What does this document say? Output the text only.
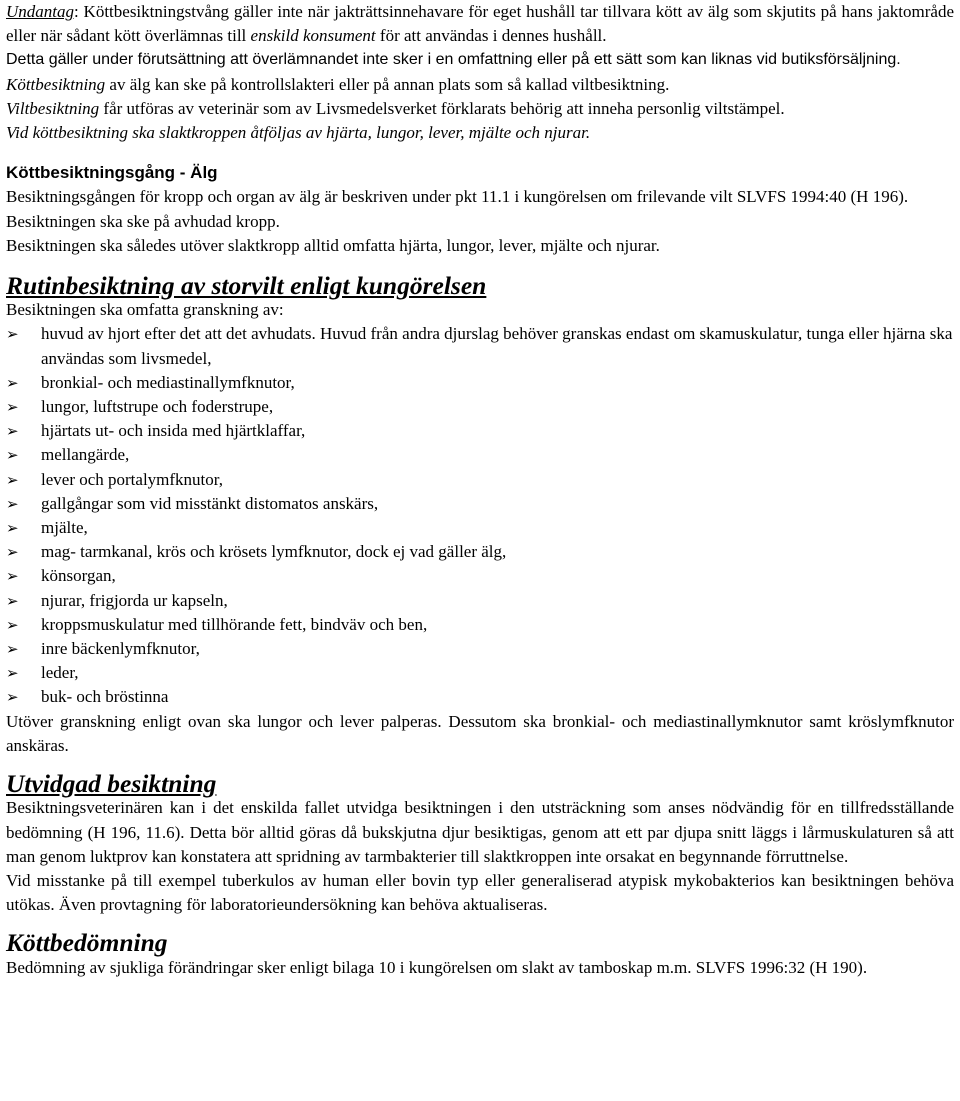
Undantag: Köttbesiktningstvång gäller inte när jakträttsinnehavare för eget hushåll tar tillvara kött av älg som skjutits på hans jaktområde eller när sådant kött överlämnas till enskild konsument för att användas i dennes hushåll.

Detta gäller under förutsättning att överlämnandet inte sker i en omfattning eller på ett sätt som kan liknas vid butiksförsäljning.

Köttbesiktning av älg kan ske på kontrollslakteri eller på annan plats som så kallad viltbesiktning.

Viltbesiktning får utföras av veterinär som av Livsmedelsverket förklarats behörig att inneha personlig viltstämpel.

Vid köttbesiktning ska slaktkroppen åtföljas av hjärta, lungor, lever, mjälte och njurar.

Köttbesiktningsgång - Älg

Besiktningsgången för kropp och organ av älg är beskriven under pkt 11.1 i kungörelsen om frilevande vilt SLVFS 1994:40 (H 196).

Besiktningen ska ske på avhudad kropp.

Besiktningen ska således utöver slaktkropp alltid omfatta hjärta, lungor, lever, mjälte och njurar.

Rutinbesiktning av storvilt enligt kungörelsen

Besiktningen ska omfatta granskning av:

➢	huvud av hjort efter det att det avhudats. Huvud från andra djurslag behöver granskas endast om skamuskulatur, tunga eller hjärna ska användas som livsmedel,
➢	bronkial- och mediastinallymfknutor,
➢	lungor, luftstrupe och foderstrupe,
➢	hjärtats ut- och insida med hjärtklaffar,
➢	mellangärde,
➢	lever och portalymfknutor,
➢	gallgångar som vid misstänkt distomatos anskärs,
➢	mjälte,
➢	mag- tarmkanal, krös och krösets lymfknutor, dock ej vad gäller älg,
➢	könsorgan,
➢	njurar, frigjorda ur kapseln,
➢	kroppsmuskulatur med tillhörande fett, bindväv och ben,
➢	inre bäckenlymfknutor,
➢	leder,
➢	buk- och bröstinna

Utöver granskning enligt ovan ska lungor och lever palperas. Dessutom ska bronkial- och mediastinallymknutor samt kröslymfknutor anskäras.

Utvidgad besiktning

Besiktningsveterinären kan i det enskilda fallet utvidga besiktningen i den utsträckning som anses nödvändig för en tillfredsställande bedömning (H 196, 11.6). Detta bör alltid göras då bukskjutna djur besiktigas, genom att ett par djupa snitt läggs i lårmuskulaturen så att man genom luktprov kan konstatera att spridning av tarmbakterier till slaktkroppen inte orsakat en begynnande förruttnelse.

Vid misstanke på till exempel tuberkulos av human eller bovin typ eller generaliserad atypisk mykobakterios kan besiktningen behöva utökas. Även provtagning för laboratorieundersökning kan behöva aktualiseras.

Köttbedömning

Bedömning av sjukliga förändringar sker enligt bilaga 10 i kungörelsen om slakt av tamboskap m.m. SLVFS 1996:32 (H 190).
